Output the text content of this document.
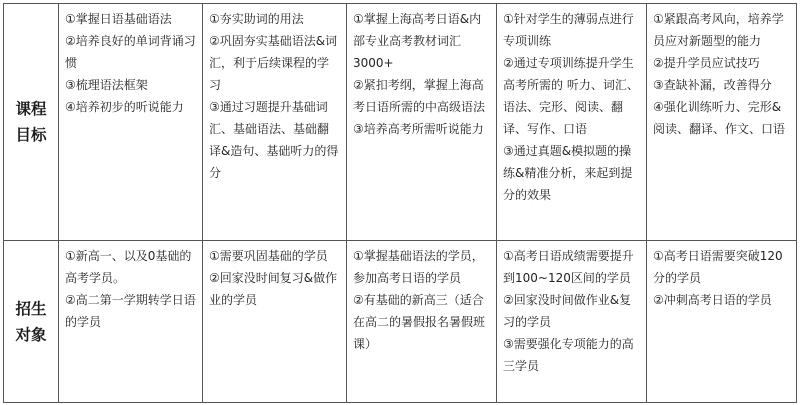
课程目标	①掌握日语基础语法
②培养良好的单词背诵习惯
③梳理语法框架
④培养初步的听说能力	①夯实助词的用法
②巩固夯实基础语法&词汇，利于后续课程的学习
③通过习题提升基础词汇、基础语法、基础翻译&造句、基础听力的得分	①掌握上海高考日语&内部专业高考教材词汇3000+
②紧扣考纲，掌握上海高考日语所需的中高级语法
③培养高考所需听说能力	①针对学生的薄弱点进行专项训练
②通过专项训练提升学生高考所需的 听力、词汇、语法、完形、阅读、翻译、写作、口语
③通过真题&模拟题的操练&精准分析，来起到提分的效果	①紧跟高考风向，培养学员应对新题型的能力
②提升学员应试技巧
③查缺补漏，改善得分
④强化训练听力、完形&阅读、翻译、作文、口语

招生对象	①新高一、以及0基础的高考学员。
②高二第一学期转学日语的学员	①需要巩固基础的学员
②回家没时间复习&做作业的学员	①掌握基础语法的学员，参加高考日语的学员
②有基础的新高三（适合在高二的暑假报名暑假班课）	①高考日语成绩需要提升到100~120区间的学员
②回家没时间做作业&复习的学员
③需要强化专项能力的高三学员	①高考日语需要突破120分的学员
②冲刺高考日语的学员
